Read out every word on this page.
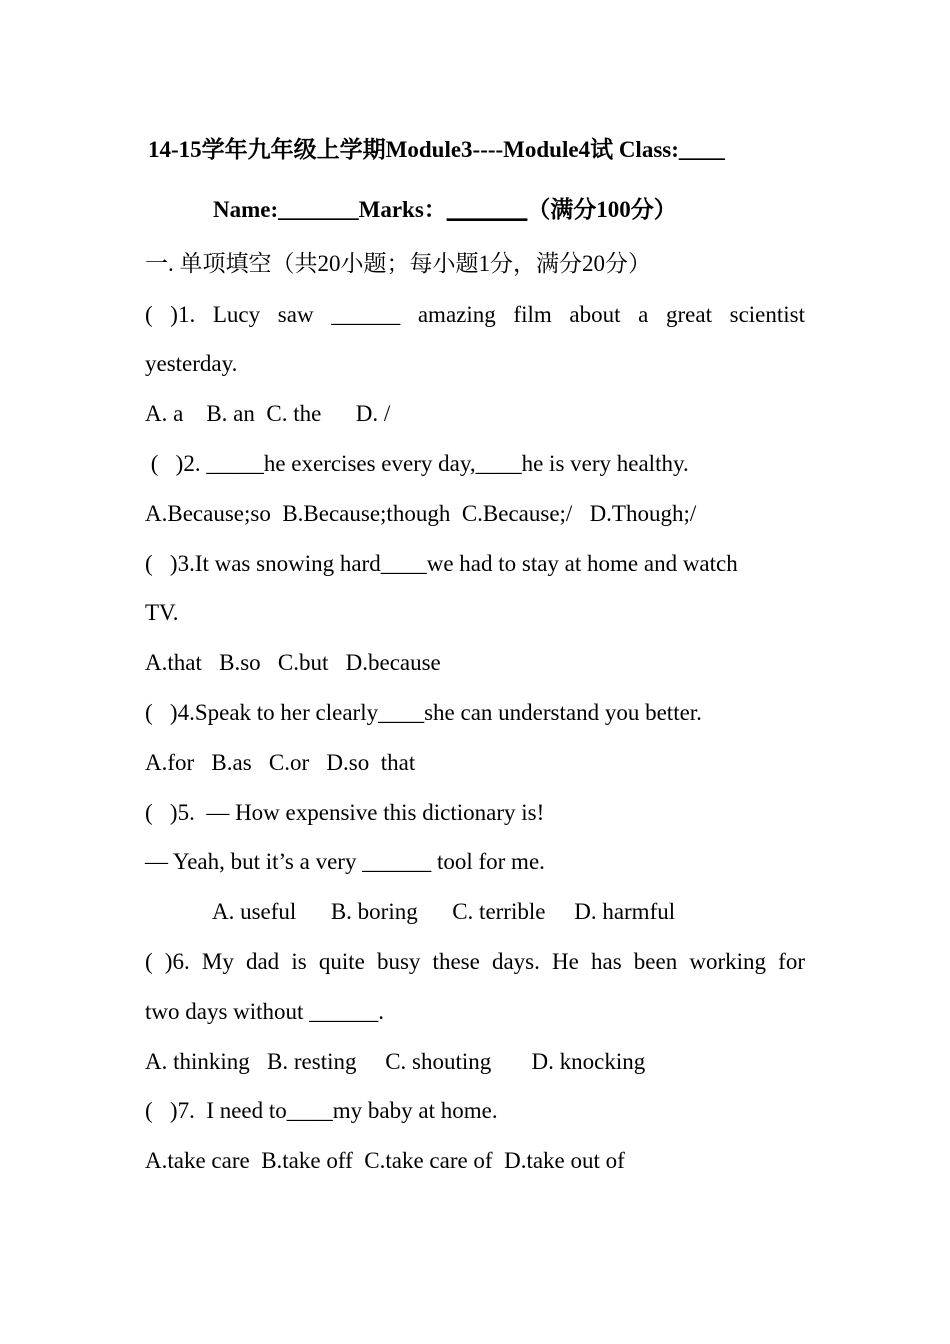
14-15学年九年级上学期Module3----Module4试 Class:____
Name:_______Marks：_______（满分100分）
一. 单项填空（共20小题；每小题1分，满分20分）
( )1. Lucy saw ______ amazing film about a great scientist
yesterday.
A. a    B. an  C. the      D. /
(   )2. _____he exercises every day,____he is very healthy.
A.Because;so  B.Because;though  C.Because;/   D.Though;/
(   )3.It was snowing hard____we had to stay at home and watch
TV.
A.that   B.so   C.but   D.because
(   )4.Speak to her clearly____she can understand you better.
A.for   B.as   C.or   D.so  that
(   )5.  — How expensive this dictionary is!
— Yeah, but it’s a very ______ tool for me.
A. useful      B. boring      C. terrible     D. harmful
( )6. My dad is quite busy these days. He has been working for
two days without ______.
A. thinking   B. resting     C. shouting       D. knocking
(   )7.  I need to____my baby at home.
A.take care  B.take off  C.take care of  D.take out of
